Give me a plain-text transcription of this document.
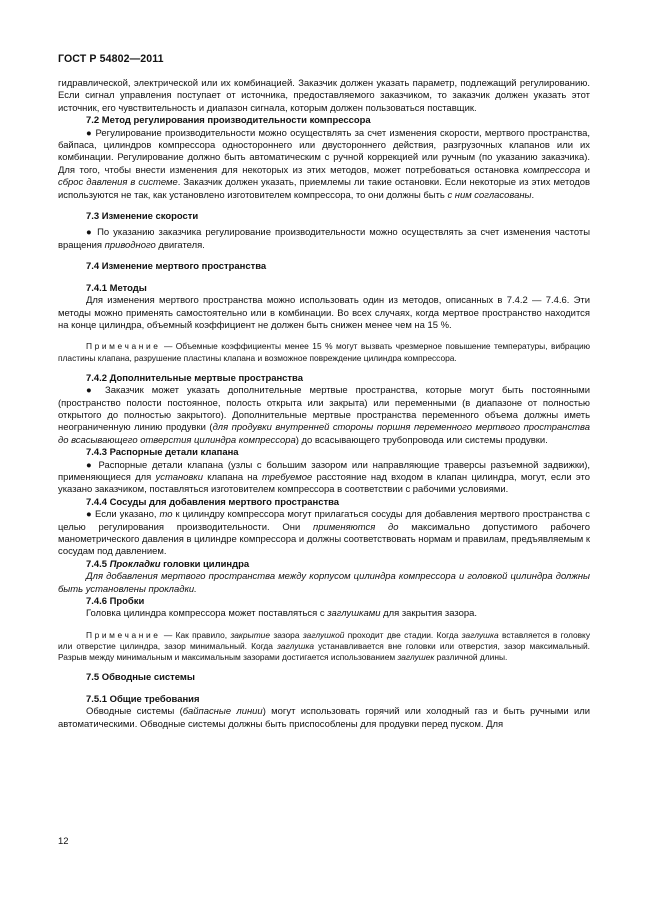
ГОСТ Р 54802—2011

гидравлической, электрической или их комбинацией. Заказчик должен указать параметр, подлежащий регулированию. Если сигнал управления поступает от источника, предоставляемого заказчиком, то заказчик должен указать этот источник, его чувствительность и диапазон сигнала, которым должен пользоваться поставщик.

7.2 Метод регулирования производительности компрессора

● Регулирование производительности можно осуществлять за счет изменения скорости, мертвого пространства, байпаса, цилиндров компрессора одностороннего или двустороннего действия, разгрузочных клапанов или их комбинации. Регулирование должно быть автоматическим с ручной коррекцией или ручным (по указанию заказчика). Для того, чтобы внести изменения для некоторых из этих методов, может потребоваться остановка компрессора и сброс давления в системе. Заказчик должен указать, приемлемы ли такие остановки. Если некоторые из этих методов используются не так, как установлено изготовителем компрессора, то они должны быть с ним согласованы.

7.3 Изменение скорости

● По указанию заказчика регулирование производительности можно осуществлять за счет изменения частоты вращения приводного двигателя.

7.4 Изменение мертвого пространства
7.4.1 Методы

Для изменения мертвого пространства можно использовать один из методов, описанных в 7.4.2 — 7.4.6. Эти методы можно применять самостоятельно или в комбинации. Во всех случаях, когда мертвое пространство находится на конце цилиндра, объемный коэффициент не должен быть снижен менее чем на 15 %.

Примечание — Объемные коэффициенты менее 15 % могут вызвать чрезмерное повышение температуры, вибрацию пластины клапана, разрушение пластины клапана и возможное повреждение цилиндра компрессора.

7.4.2 Дополнительные мертвые пространства

● Заказчик может указать дополнительные мертвые пространства, которые могут быть постоянными (пространство полости постоянное, полость открыта или закрыта) или переменными (в диапазоне от полностью открытого до полностью закрытого). Дополнительные мертвые пространства переменного объема должны иметь неограниченную линию продувки (для продувки внутренней стороны поршня переменного мертвого пространства до всасывающего отверстия цилиндра компрессора) до всасывающего трубопровода или системы продувки.

7.4.3 Распорные детали клапана

● Распорные детали клапана (узлы с большим зазором или направляющие траверсы разъемной задвижки), применяющиеся для установки клапана на требуемое расстояние над входом в клапан цилиндра, могут, если это указано заказчиком, поставляться изготовителем компрессора в соответствии с рабочими условиями.

7.4.4 Сосуды для добавления мертвого пространства

● Если указано, то к цилиндру компрессора могут прилагаться сосуды для добавления мертвого пространства с целью регулирования производительности. Они применяются до максимально допустимого рабочего манометрического давления в цилиндре компрессора и должны соответствовать нормам и правилам, предъявляемым к сосудам под давлением.

7.4.5 Прокладки головки цилиндра

Для добавления мертвого пространства между корпусом цилиндра компрессора и головкой цилиндра должны быть установлены прокладки.

7.4.6 Пробки

Головка цилиндра компрессора может поставляться с заглушками для закрытия зазора.

Примечание — Как правило, закрытие зазора заглушкой проходит две стадии. Когда заглушка вставляется в головку или отверстие цилиндра, зазор минимальный. Когда заглушка устанавливается вне головки или отверстия, зазор максимальный. Разрыв между минимальным и максимальным зазорами достигается использованием заглушек различной длины.

7.5 Обводные системы
7.5.1 Общие требования

Обводные системы (байпасные линии) могут использовать горячий или холодный газ и быть ручными или автоматическими. Обводные системы должны быть приспособлены для продувки перед пуском. Для

12
